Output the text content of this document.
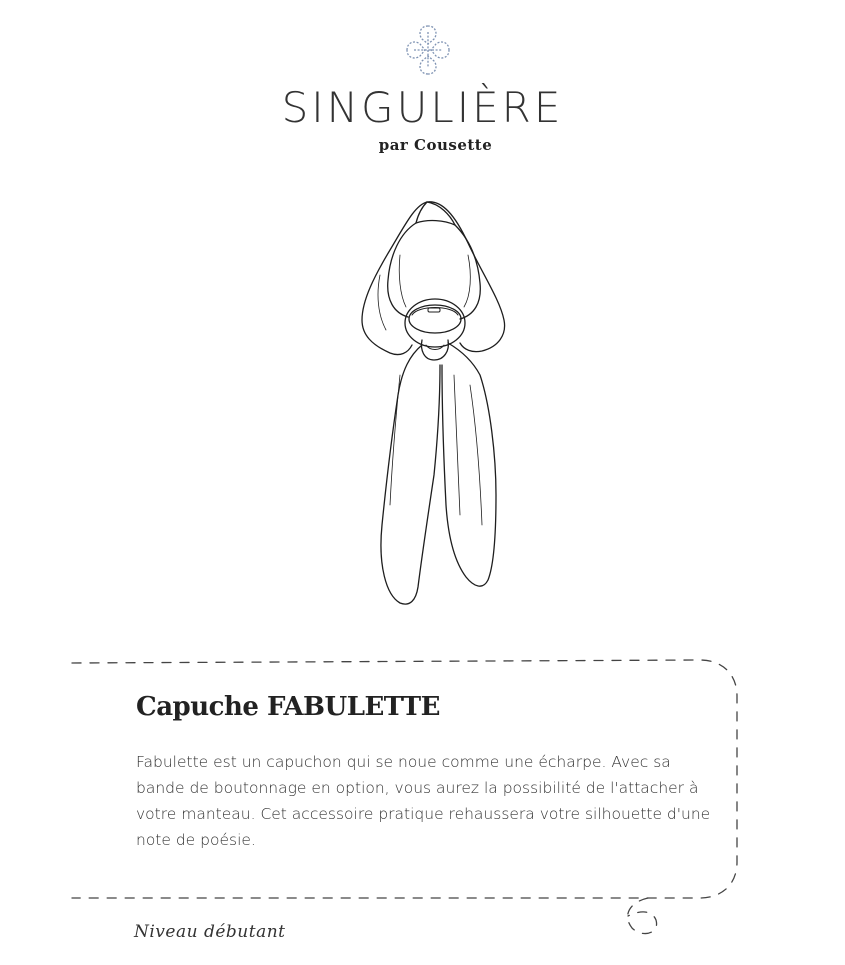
SINGULIÈRE
par Cousette
Capuche FABULETTE

Fabulette est un capuchon qui se noue comme une écharpe. Avec sa bande de boutonnage en option, vous aurez la possibilité de l'attacher à votre manteau. Cet accessoire pratique rehaussera votre silhouette d'une note de poésie.

Niveau débutant
